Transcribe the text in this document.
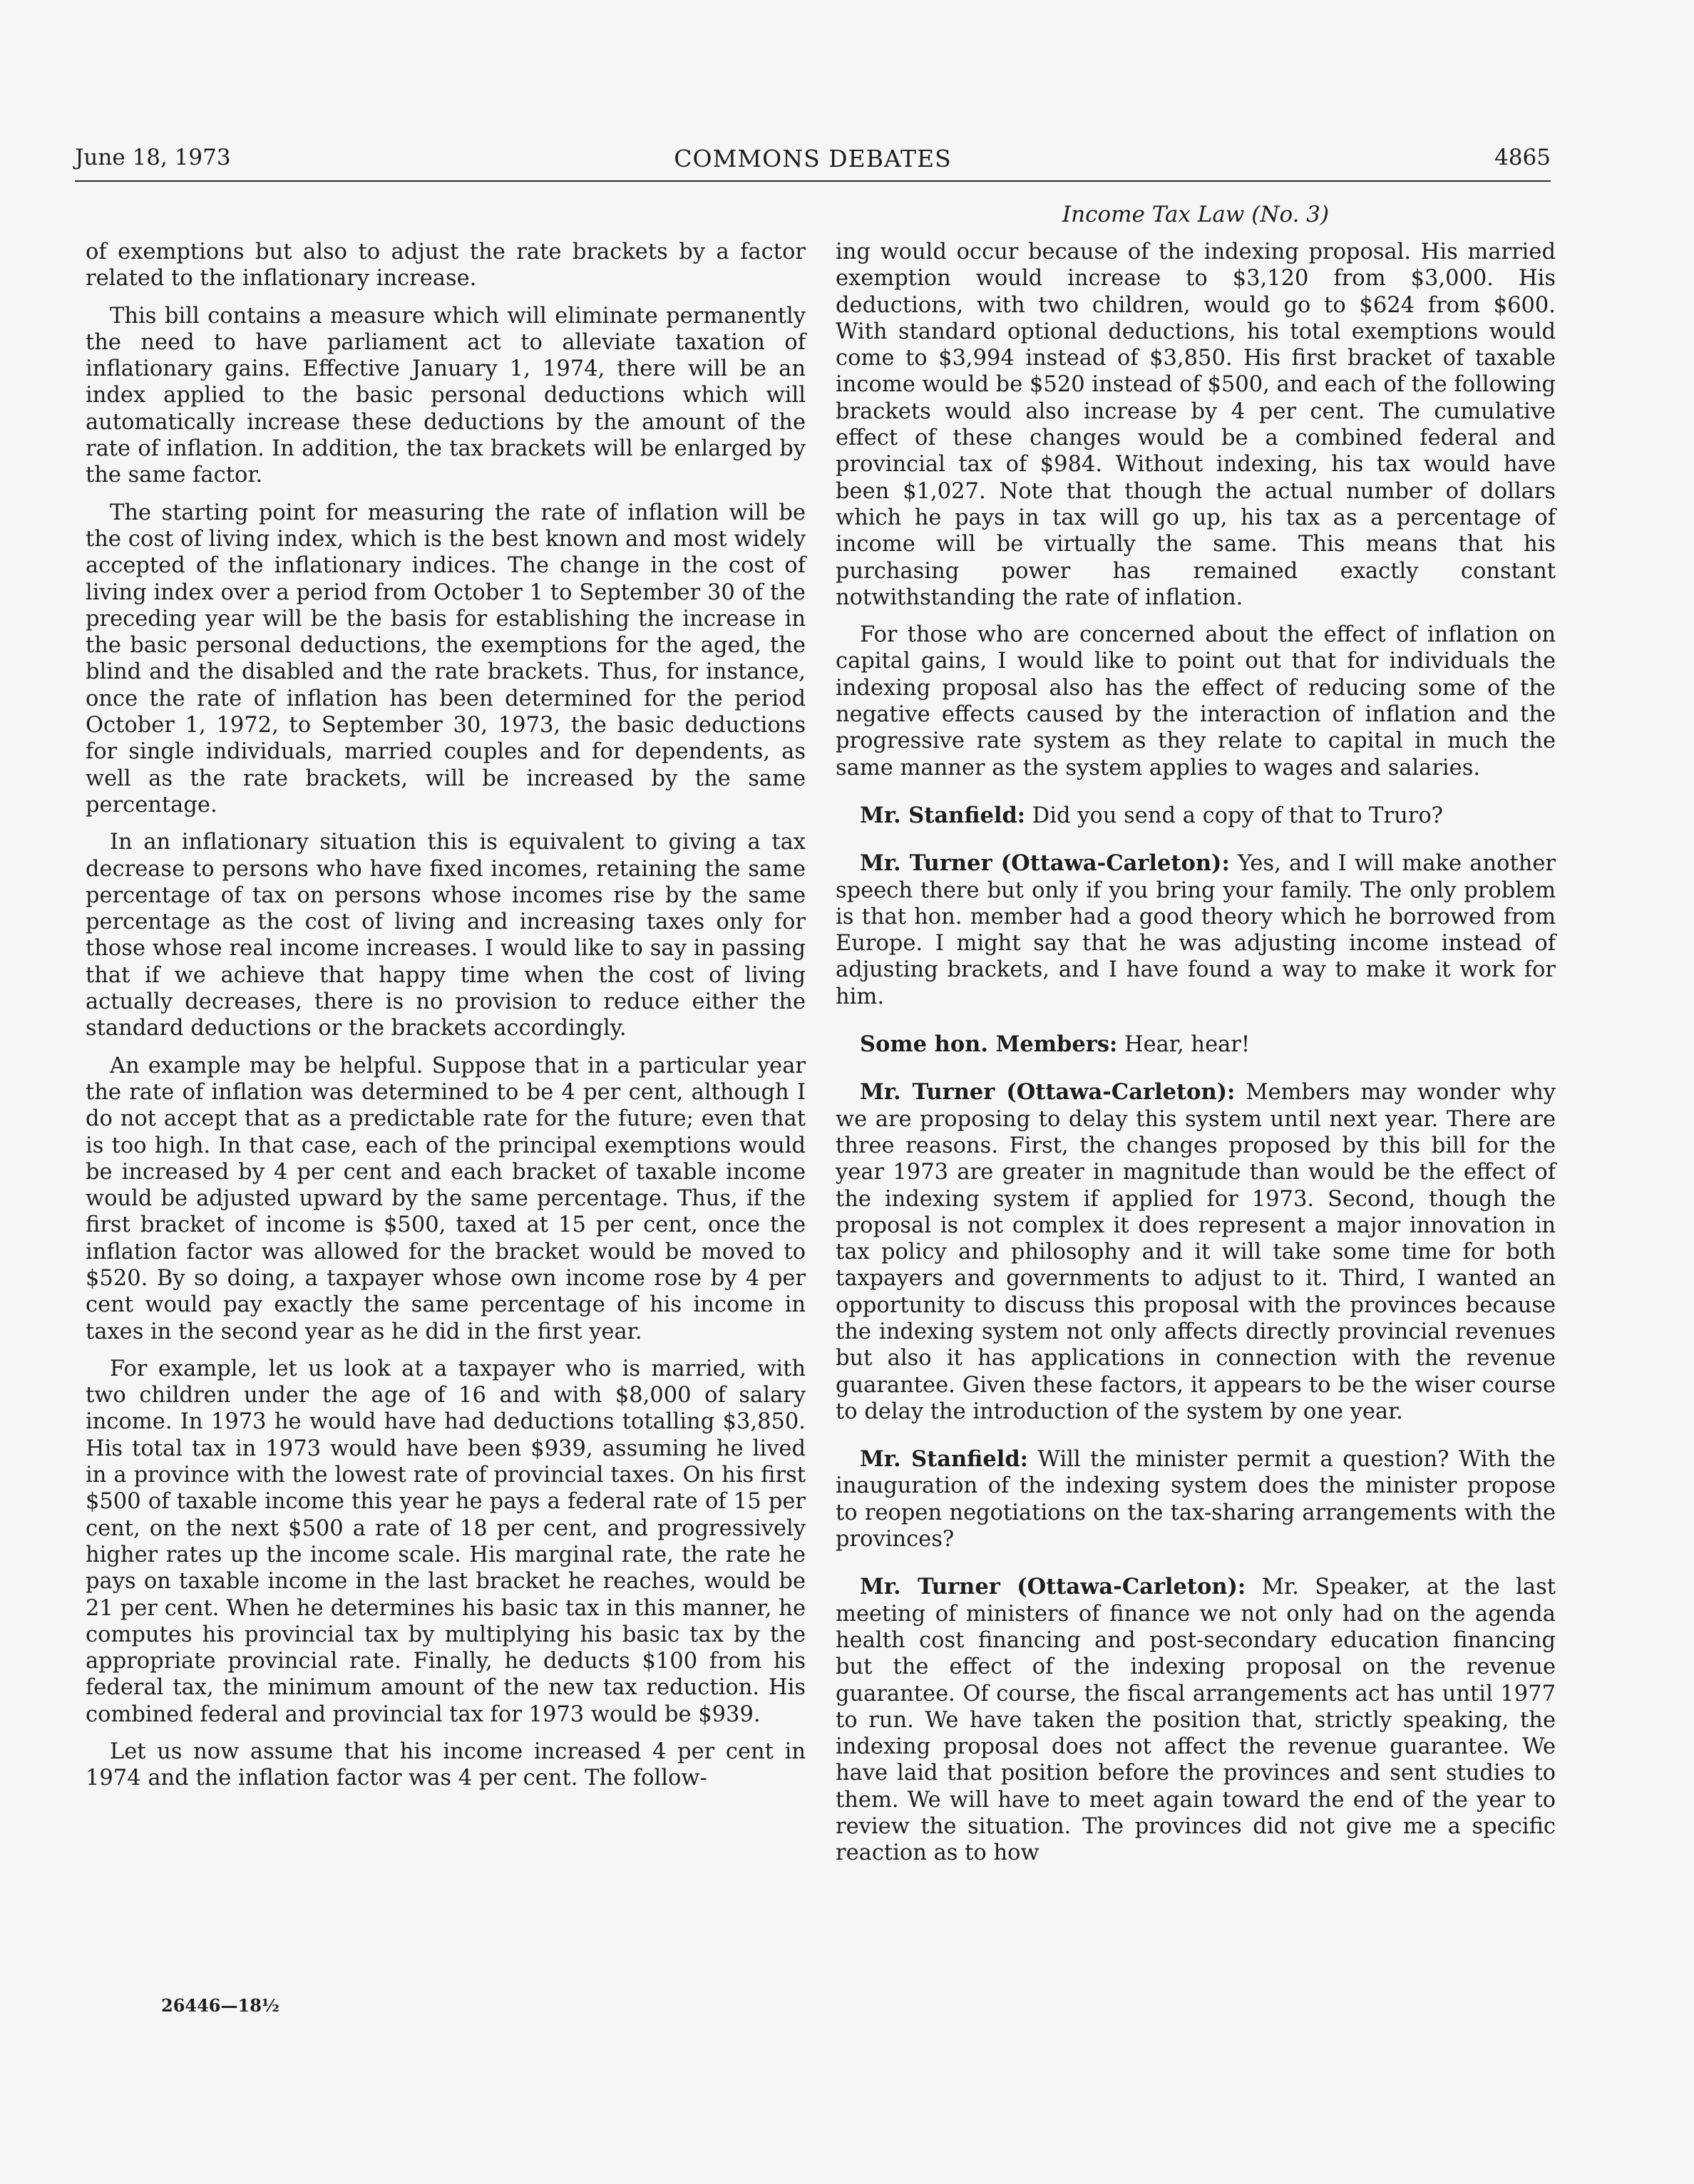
June 18, 1973	COMMONS DEBATES	4865
Income Tax Law (No. 3)

of exemptions but also to adjust the rate brackets by a factor related to the inflationary increase.

This bill contains a measure which will eliminate permanently the need to have parliament act to alleviate taxation of inflationary gains. Effective January 1, 1974, there will be an index applied to the basic personal deductions which will automatically increase these deductions by the amount of the rate of inflation. In addition, the tax brackets will be enlarged by the same factor.

The starting point for measuring the rate of inflation will be the cost of living index, which is the best known and most widely accepted of the inflationary indices. The change in the cost of living index over a period from October 1 to September 30 of the preceding year will be the basis for establishing the increase in the basic personal deductions, the exemptions for the aged, the blind and the disabled and the rate brackets. Thus, for instance, once the rate of inflation has been determined for the period October 1, 1972, to September 30, 1973, the basic deductions for single individuals, married couples and for dependents, as well as the rate brackets, will be increased by the same percentage.

In an inflationary situation this is equivalent to giving a tax decrease to persons who have fixed incomes, retaining the same percentage of tax on persons whose incomes rise by the same percentage as the cost of living and increasing taxes only for those whose real income increases. I would like to say in passing that if we achieve that happy time when the cost of living actually decreases, there is no provision to reduce either the standard deductions or the brackets accordingly.

An example may be helpful. Suppose that in a particular year the rate of inflation was determined to be 4 per cent, although I do not accept that as a predictable rate for the future; even that is too high. In that case, each of the principal exemptions would be increased by 4 per cent and each bracket of taxable income would be adjusted upward by the same percentage. Thus, if the first bracket of income is $500, taxed at 15 per cent, once the inflation factor was allowed for the bracket would be moved to $520. By so doing, a taxpayer whose own income rose by 4 per cent would pay exactly the same percentage of his income in taxes in the second year as he did in the first year.

For example, let us look at a taxpayer who is married, with two children under the age of 16 and with $8,000 of salary income. In 1973 he would have had deductions totalling $3,850. His total tax in 1973 would have been $939, assuming he lived in a province with the lowest rate of provincial taxes. On his first $500 of taxable income this year he pays a federal rate of 15 per cent, on the next $500 a rate of 18 per cent, and progressively higher rates up the income scale. His marginal rate, the rate he pays on taxable income in the last bracket he reaches, would be 21 per cent. When he determines his basic tax in this manner, he computes his provincial tax by multiplying his basic tax by the appropriate provincial rate. Finally, he deducts $100 from his federal tax, the minimum amount of the new tax reduction. His combined federal and provincial tax for 1973 would be $939.

Let us now assume that his income increased 4 per cent in 1974 and the inflation factor was 4 per cent. The follow-

ing would occur because of the indexing proposal. His married exemption would increase to $3,120 from $3,000. His deductions, with two children, would go to $624 from $600. With standard optional deductions, his total exemptions would come to $3,994 instead of $3,850. His first bracket of taxable income would be $520 instead of $500, and each of the following brackets would also increase by 4 per cent. The cumulative effect of these changes would be a combined federal and provincial tax of $984. Without indexing, his tax would have been $1,027. Note that though the actual number of dollars which he pays in tax will go up, his tax as a percentage of income will be virtually the same. This means that his purchasing power has remained exactly constant notwithstanding the rate of inflation.

For those who are concerned about the effect of inflation on capital gains, I would like to point out that for individuals the indexing proposal also has the effect of reducing some of the negative effects caused by the interaction of inflation and the progressive rate system as they relate to capital in much the same manner as the system applies to wages and salaries.

Mr. Stanfield: Did you send a copy of that to Truro?

Mr. Turner (Ottawa-Carleton): Yes, and I will make another speech there but only if you bring your family. The only problem is that hon. member had a good theory which he borrowed from Europe. I might say that he was adjusting income instead of adjusting brackets, and I have found a way to make it work for him.

Some hon. Members: Hear, hear!

Mr. Turner (Ottawa-Carleton): Members may wonder why we are proposing to delay this system until next year. There are three reasons. First, the changes proposed by this bill for the year 1973 are greater in magnitude than would be the effect of the indexing system if applied for 1973. Second, though the proposal is not complex it does represent a major innovation in tax policy and philosophy and it will take some time for both taxpayers and governments to adjust to it. Third, I wanted an opportunity to discuss this proposal with the provinces because the indexing system not only affects directly provincial revenues but also it has applications in connection with the revenue guarantee. Given these factors, it appears to be the wiser course to delay the introduction of the system by one year.

Mr. Stanfield: Will the minister permit a question? With the inauguration of the indexing system does the minister propose to reopen negotiations on the tax-sharing arrangements with the provinces?

Mr. Turner (Ottawa-Carleton): Mr. Speaker, at the last meeting of ministers of finance we not only had on the agenda health cost financing and post-secondary education financing but the effect of the indexing proposal on the revenue guarantee. Of course, the fiscal arrangements act has until 1977 to run. We have taken the position that, strictly speaking, the indexing proposal does not affect the revenue guarantee. We have laid that position before the provinces and sent studies to them. We will have to meet again toward the end of the year to review the situation. The provinces did not give me a specific reaction as to how

26446—18½
